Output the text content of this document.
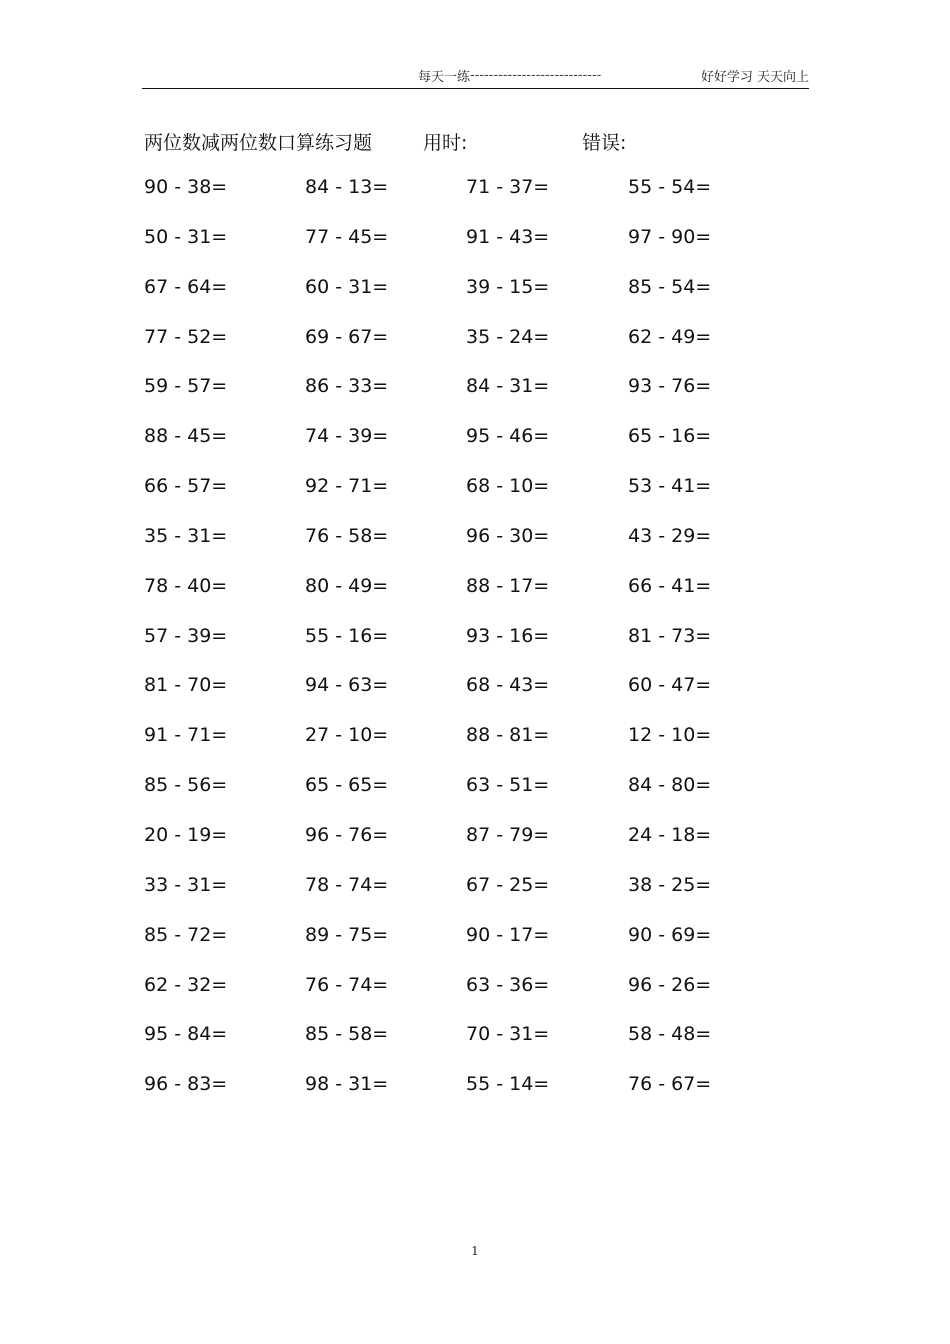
每天一练 ----------------------------	好好学习 天天向上
两位数减两位数口算练习题	用时:	错误:
90 - 38=	84 - 13=	71 - 37=	55 - 54=
50 - 31=	77 - 45=	91 - 43=	97 - 90=
67 - 64=	60 - 31=	39 - 15=	85 - 54=
77 - 52=	69 - 67=	35 - 24=	62 - 49=
59 - 57=	86 - 33=	84 - 31=	93 - 76=
88 - 45=	74 - 39=	95 - 46=	65 - 16=
66 - 57=	92 - 71=	68 - 10=	53 - 41=
35 - 31=	76 - 58=	96 - 30=	43 - 29=
78 - 40=	80 - 49=	88 - 17=	66 - 41=
57 - 39=	55 - 16=	93 - 16=	81 - 73=
81 - 70=	94 - 63=	68 - 43=	60 - 47=
91 - 71=	27 - 10=	88 - 81=	12 - 10=
85 - 56=	65 - 65=	63 - 51=	84 - 80=
20 - 19=	96 - 76=	87 - 79=	24 - 18=
33 - 31=	78 - 74=	67 - 25=	38 - 25=
85 - 72=	89 - 75=	90 - 17=	90 - 69=
62 - 32=	76 - 74=	63 - 36=	96 - 26=
95 - 84=	85 - 58=	70 - 31=	58 - 48=
96 - 83=	98 - 31=	55 - 14=	76 - 67=
1
